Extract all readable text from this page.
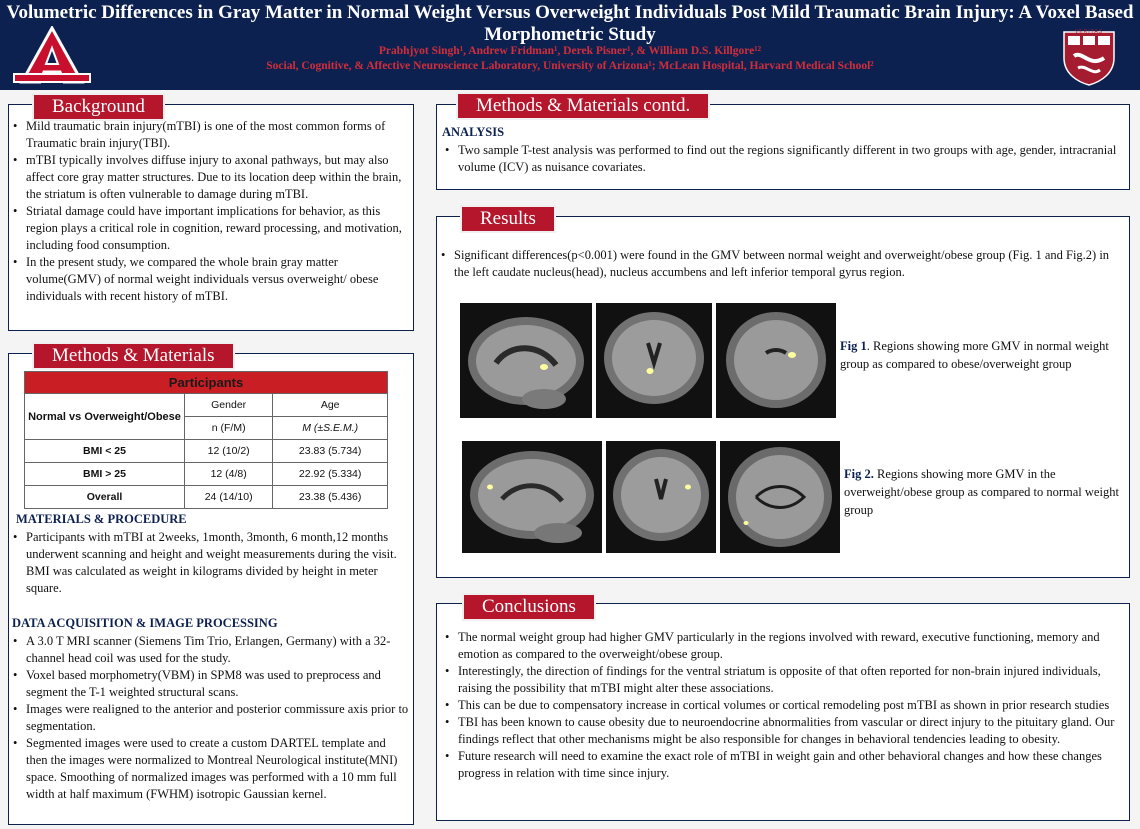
Volumetric Differences in Gray Matter in Normal Weight Versus Overweight Individuals Post Mild Traumatic Brain Injury: A Voxel Based Morphometric Study
Prabhjyot Singh¹, Andrew Fridman¹, Derek Pisner¹, & William D.S. Killgore¹²
Social, Cognitive, & Affective Neuroscience Laboratory, University of Arizona¹; McLean Hospital, Harvard Medical School²
VERITAS
Background
• Mild traumatic brain injury(mTBI) is one of the most common forms of Traumatic brain injury(TBI).
• mTBI typically involves diffuse injury to axonal pathways, but may also affect core gray matter structures. Due to its location deep within the brain, the striatum is often vulnerable to damage during mTBI.
• Striatal damage could have important implications for behavior, as this region plays a critical role in cognition, reward processing, and motivation, including food consumption.
• In the present study, we compared the whole brain gray matter volume(GMV) of normal weight individuals versus overweight/ obese individuals with recent history of mTBI.
Methods & Materials
Participants		
Normal vs Overweight/Obese	Gender	Age
	n (F/M)	M (±S.E.M.)
BMI < 25	12 (10/2)	23.83 (5.734)
BMI > 25	12 (4/8)	22.92 (5.334)
Overall	24 (14/10)	23.38 (5.436)
MATERIALS & PROCEDURE
• Participants with mTBI at 2weeks, 1month, 3month, 6 month,12 months underwent scanning and height and weight measurements during the visit. BMI was calculated as weight in kilograms divided by height in meter square.
DATA ACQUISITION & IMAGE PROCESSING
• A 3.0 T MRI scanner (Siemens Tim Trio, Erlangen, Germany) with a 32-channel head coil was used for the study.
• Voxel based morphometry(VBM) in SPM8 was used to preprocess and segment the T-1 weighted structural scans.
• Images were realigned to the anterior and posterior commissure axis prior to segmentation.
• Segmented images were used to create a custom DARTEL template and then the images were normalized to Montreal Neurological institute(MNI) space. Smoothing of normalized images was performed with a 10 mm full width at half maximum (FWHM) isotropic Gaussian kernel.
Methods & Materials contd.
ANALYSIS
• Two sample T-test analysis was performed to find out the regions significantly different in two groups with age, gender, intracranial volume (ICV) as nuisance covariates.
Results
• Significant differences(p<0.001) were found in the GMV between normal weight and overweight/obese group (Fig. 1 and Fig.2) in the left caudate nucleus(head), nucleus accumbens and left inferior temporal gyrus region.
Fig 1. Regions showing more GMV in normal weight group as compared to obese/overweight group
Fig 2. Regions showing more GMV in the overweight/obese group as compared to normal weight group
Conclusions
• The normal weight group had higher GMV particularly in the regions involved with reward, executive functioning, memory and emotion as compared to the overweight/obese group.
• Interestingly, the direction of findings for the ventral striatum is opposite of that often reported for non-brain injured individuals, raising the possibility that mTBI might alter these associations.
• This can be due to compensatory increase in cortical volumes or cortical remodeling post mTBI as shown in prior research studies
• TBI has been known to cause obesity due to neuroendocrine abnormalities from vascular or direct injury to the pituitary gland. Our findings reflect that other mechanisms might be also responsible for changes in behavioral tendencies leading to obesity.
• Future research will need to examine the exact role of mTBI in weight gain and other behavioral changes and how these changes progress in relation with time since injury.
